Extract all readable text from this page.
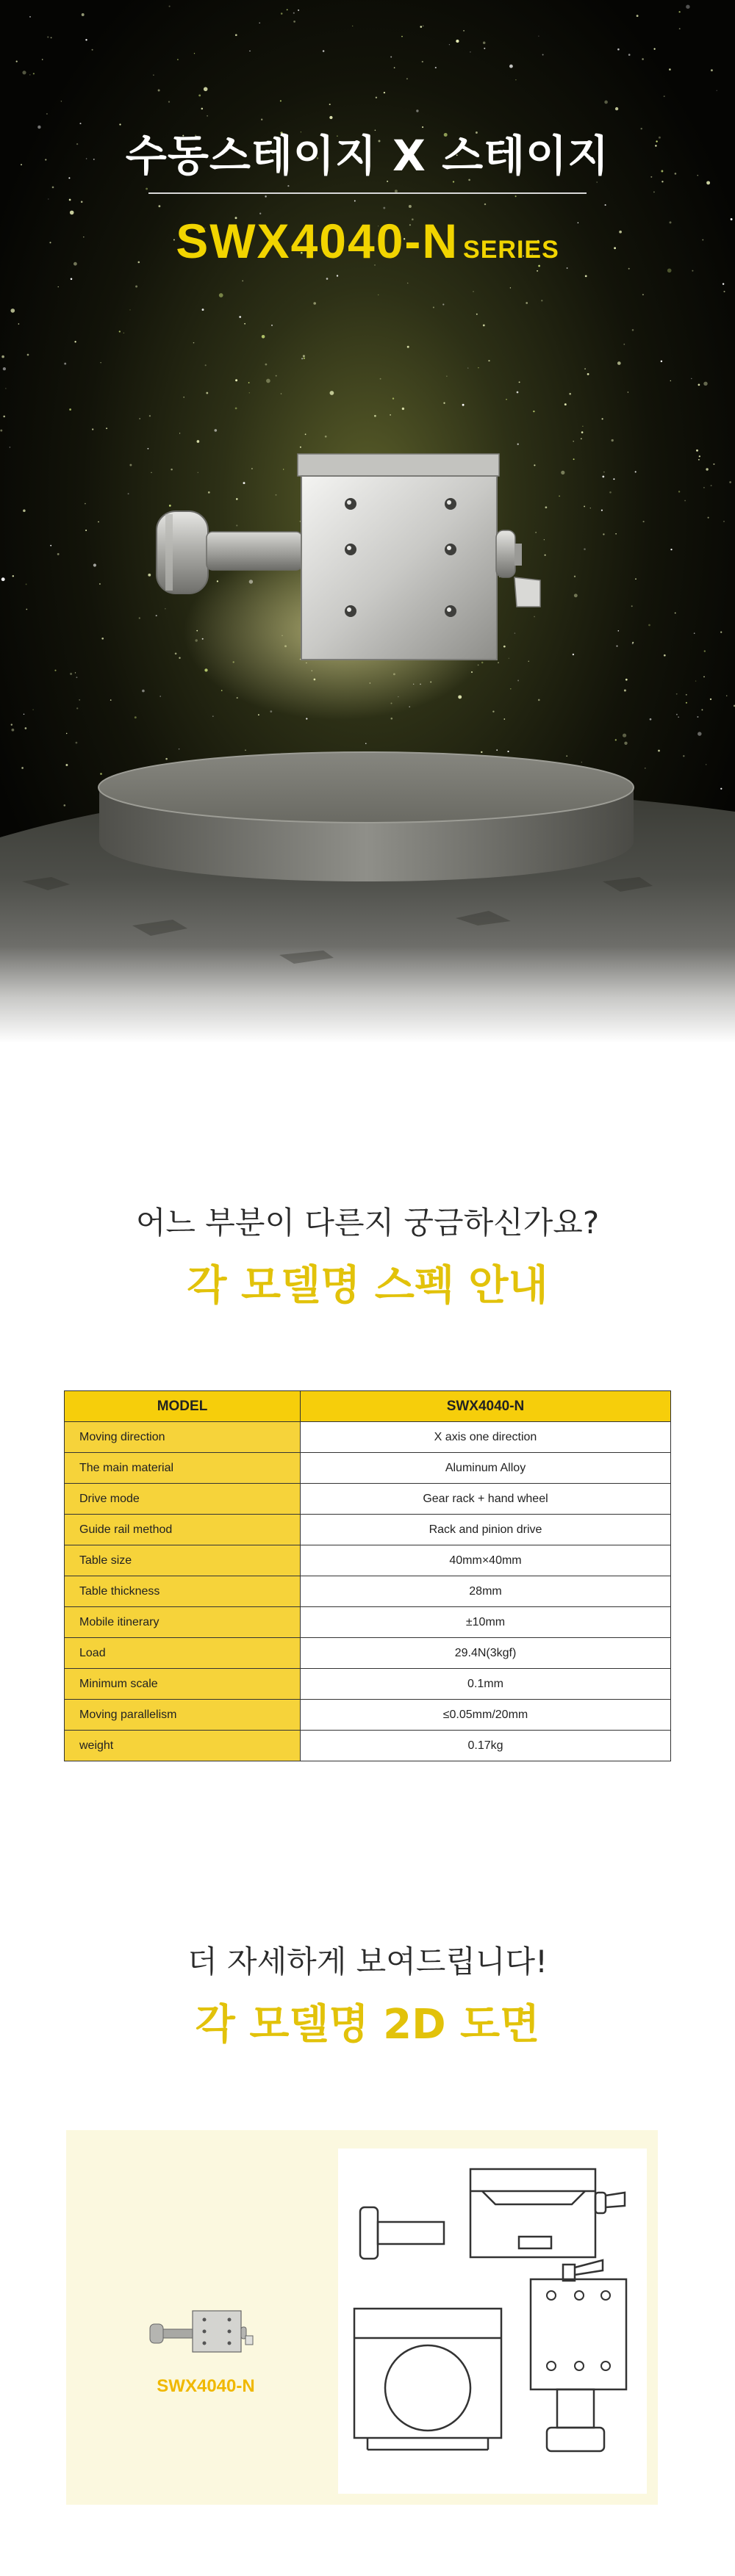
수동스테이지 X 스테이지
SWX4040-N SERIES
어느 부분이 다른지 궁금하신가요?
각 모델명 스펙 안내
MODEL	SWX4040-N
Moving direction	X axis one direction
The main material	Aluminum Alloy
Drive mode	Gear rack + hand wheel
Guide rail method	Rack and pinion drive
Table size	40mm×40mm
Table thickness	28mm
Mobile itinerary	±10mm
Load	29.4N(3kgf)
Minimum scale	0.1mm
Moving parallelism	≤0.05mm/20mm
weight	0.17kg
더 자세하게 보여드립니다!
각 모델명 2D 도면
SWX4040-N
